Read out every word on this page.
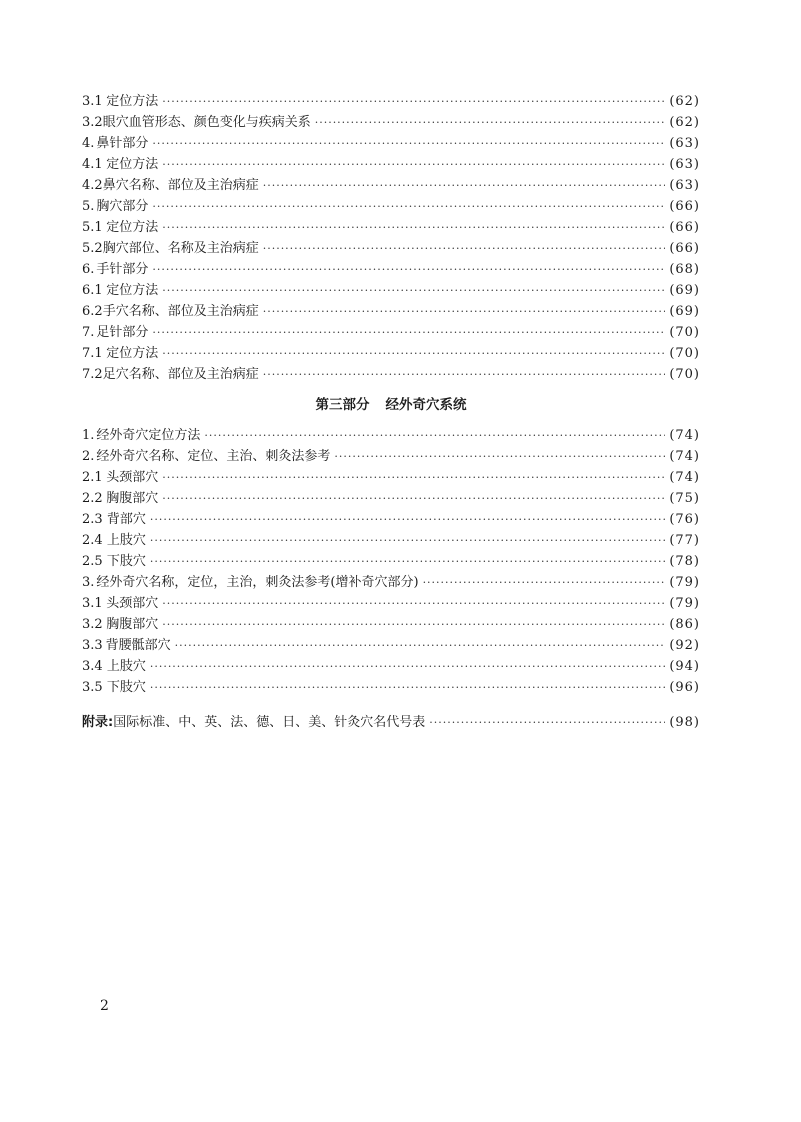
3.1 定位方法 ·····	(62)
3.2 眼穴血管形态、颜色变化与疾病关系 ·····	(62)
4. 鼻针部分 ·····	(63)
4.1 定位方法 ·····	(63)
4.2 鼻穴名称、部位及主治病症 ·····	(63)
5. 胸穴部分 ·····	(66)
5.1 定位方法 ·····	(66)
5.2 胸穴部位、名称及主治病症 ·····	(66)
6. 手针部分 ·····	(68)
6.1 定位方法 ·····	(69)
6.2 手穴名称、部位及主治病症 ·····	(69)
7. 足针部分 ·····	(70)
7.1 定位方法 ·····	(70)
7.2 足穴名称、部位及主治病症 ·····	(70)
第三部分 经外奇穴系统
1. 经外奇穴定位方法 ·····	(74)
2. 经外奇穴名称、定位、主治、刺灸法参考 ·····	(74)
2.1 头颈部穴 ·····	(74)
2.2 胸腹部穴 ·····	(75)
2.3 背部穴 ·····	(76)
2.4 上肢穴 ·····	(77)
2.5 下肢穴 ·····	(78)
3. 经外奇穴名称，定位，主治，刺灸法参考(增补奇穴部分) ·····	(79)
3.1 头颈部穴 ·····	(79)
3.2 胸腹部穴 ·····	(86)
3.3 背腰骶部穴 ·····	(92)
3.4 上肢穴 ·····	(94)
3.5 下肢穴 ·····	(96)
附录:国际标准、中、英、法、德、日、美、针灸穴名代号表 ·····	(98)
2
